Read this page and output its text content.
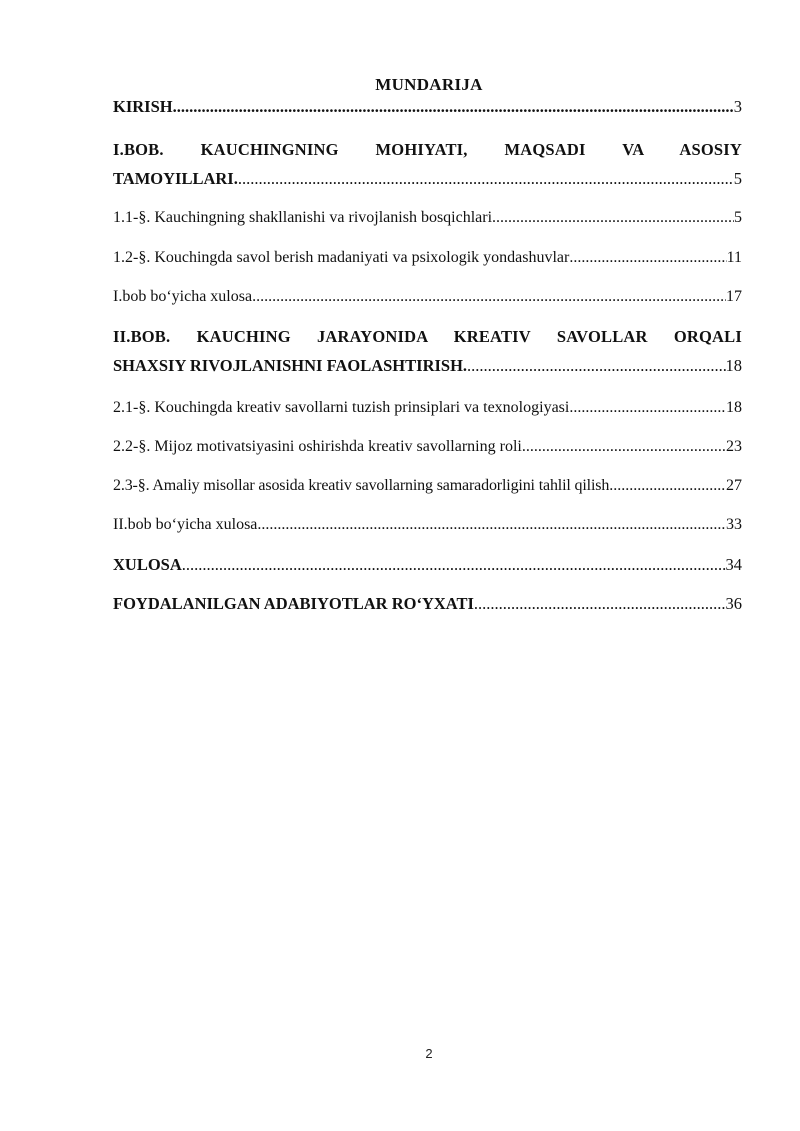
MUNDARIJA
KIRISH .....	3
I.BOB. KAUCHINGNING MOHIYATI, MAQSADI VA ASOSIY
TAMOYILLARI. .....	5
1.1-§. Kauchingning shakllanishi va rivojlanish bosqichlari .....	5
1.2-§. Kouchingda savol berish madaniyati va psixologik yondashuvlar .....	11
I.bob bo‘yicha xulosa .....	17
II.BOB. KAUCHING JARAYONIDA KREATIV SAVOLLAR ORQALI
SHAXSIY RIVOJLANISHNI FAOLASHTIRISH. .....	18
2.1-§. Kouchingda kreativ savollarni tuzish prinsiplari va texnologiyasi .....	18
2.2-§. Mijoz motivatsiyasini oshirishda kreativ savollarning roli .....	23
2.3-§. Amaliy misollar asosida kreativ savollarning samaradorligini tahlil qilish .....	27
II.bob bo‘yicha xulosa .....	33
XULOSA .....	34
FOYDALANILGAN ADABIYOTLAR RO‘YXATI .....	36
2
